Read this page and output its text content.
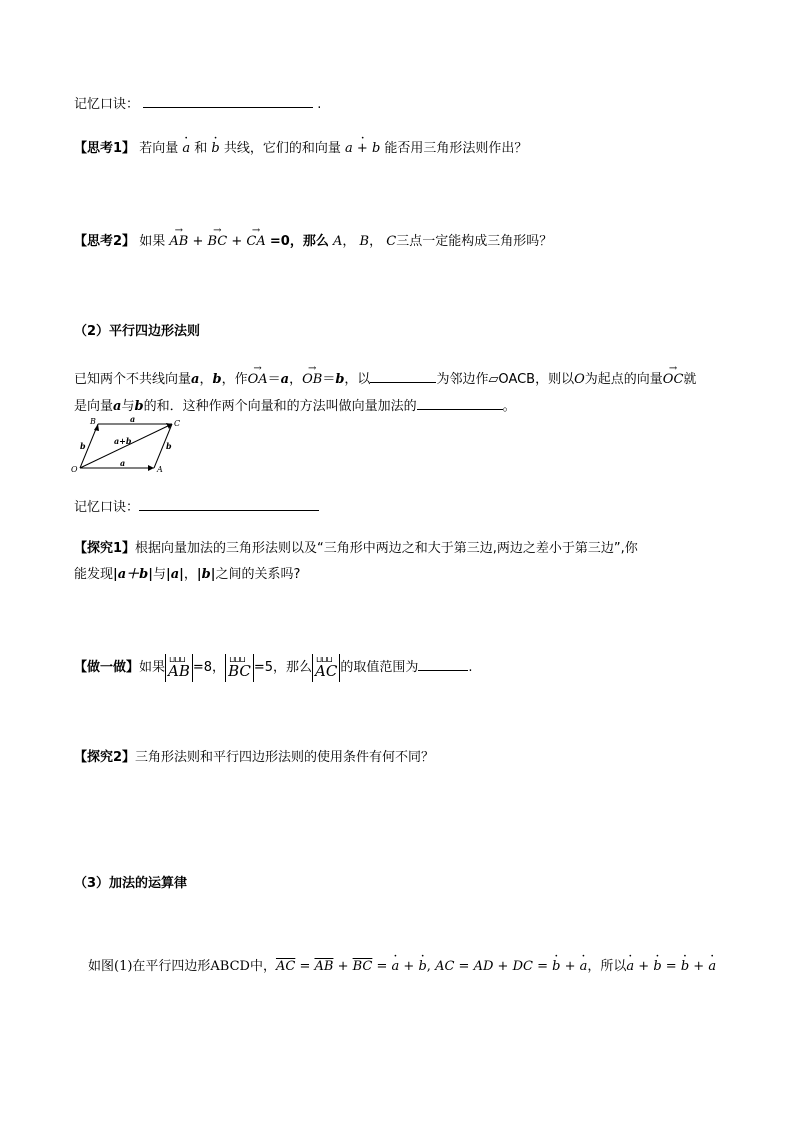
记忆口诀：	.
【思考1】 若向量 · a 和 · b 共线，它们的和向量 · a + b 能否用三角形法则作出？
【思考2】 如果 → AB + → BC + → CA =0，那么 A， B， C三点一定能构成三角形吗？
（2）平行四边形法则
已知两个不共线向量a，b，作→ OA＝a，→ OB＝b，以	为邻边作▱OACB，则以O为起点的向量→ OC就
是向量a与b的和．这种作两个向量和的方法叫做向量加法的	。
O	A
B	C
a
a
b	b
a+b
记忆口诀：
【探究1】根据向量加法的三角形法则以及“三角形中两边之和大于第三边,两边之差小于第三边”,你
能发现|a＋b|与|a|，|b|之间的关系吗?
【做一做】如果
⊔⊔⊔
AB =8，
⊔⊔⊔
BC =5，那么
⊔⊔⊔
AC 的取值范围为	.
【探究2】三角形法则和平行四边形法则的使用条件有何不同？
（3）加法的运算律
如图(1)在平行四边形ABCD中，$\overline{AC} = \overline{AB} + \overline{BC}$ = · a + · b, AC = AD + DC = · b + · a，所以· a + · b = · b + · a
